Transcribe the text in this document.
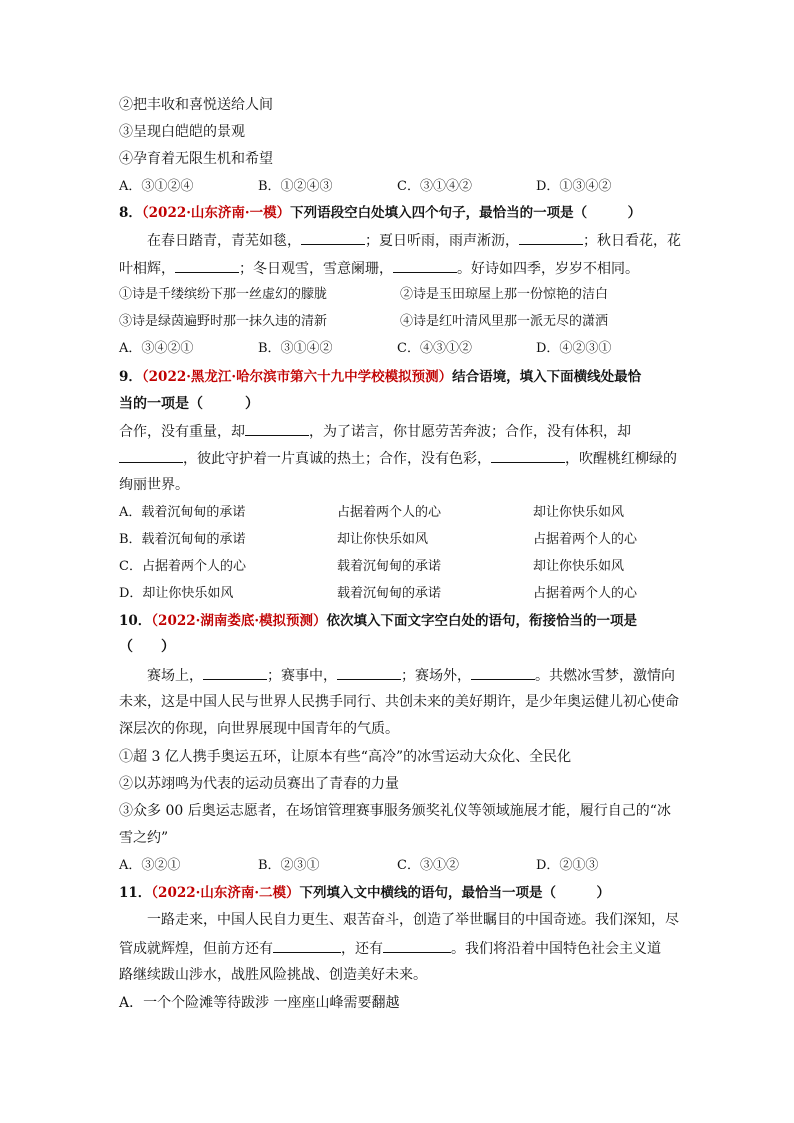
②把丰收和喜悦送给人间
③呈现白皑皑的景观
④孕育着无限生机和希望
A．③①②④	B．①②④③	C．③①④②	D．①③④②
8．（2022·山东济南·一模）下列语段空白处填入四个句子，最恰当的一项是（　　　）
在春日踏青，青芜如毯，	；夏日听雨，雨声淅沥，	；秋日看花，花
叶相辉，	；冬日观雪，雪意阑珊，	。好诗如四季，岁岁不相同。
①诗是千缕缤纷下那一丝虚幻的朦胧	②诗是玉田琼屋上那一份惊艳的洁白
③诗是绿茵遍野时那一抹久违的清新	④诗是红叶清风里那一派无尽的潇洒
A．③④②①	B．③①④②	C．④③①②	D．④②③①
9．（2022·黑龙江·哈尔滨市第六十九中学校模拟预测）结合语境，填入下面横线处最恰
当的一项是（　　　）
合作，没有重量，却	，为了诺言，你甘愿劳苦奔波；合作，没有体积，却
，彼此守护着一片真诚的热土；合作，没有色彩，	，吹醒桃红柳绿的
绚丽世界。
A．载着沉甸甸的承诺	占据着两个人的心	却让你快乐如风
B．载着沉甸甸的承诺	却让你快乐如风	占据着两个人的心
C．占据着两个人的心	载着沉甸甸的承诺	却让你快乐如风
D．却让你快乐如风	载着沉甸甸的承诺	占据着两个人的心
10．（2022·湖南娄底·模拟预测）依次填入下面文字空白处的语句，衔接恰当的一项是
（　　）
赛场上，	；赛事中，	；赛场外，	。共燃冰雪梦，激情向
未来，这是中国人民与世界人民携手同行、共创未来的美好期许，是少年奥运健儿初心使命
深层次的你现，向世界展现中国青年的气质。
①超 3 亿人携手奥运五环，让原本有些“高冷”的冰雪运动大众化、全民化
②以苏翊鸣为代表的运动员赛出了青春的力量
③众多 00 后奥运志愿者，在场馆管理赛事服务颁奖礼仪等领域施展才能，履行自己的“冰
雪之约”
A．③②①	B．②③①	C．③①②	D．②①③
11．（2022·山东济南·二模）下列填入文中横线的语句，最恰当一项是（　　　）
一路走来，中国人民自力更生、艰苦奋斗，创造了举世瞩目的中国奇迹。我们深知，尽
管成就辉煌，但前方还有	，还有	。我们将沿着中国特色社会主义道
路继续跋山涉水，战胜风险挑战、创造美好未来。
A．一个个险滩等待跋涉 一座座山峰需要翻越
